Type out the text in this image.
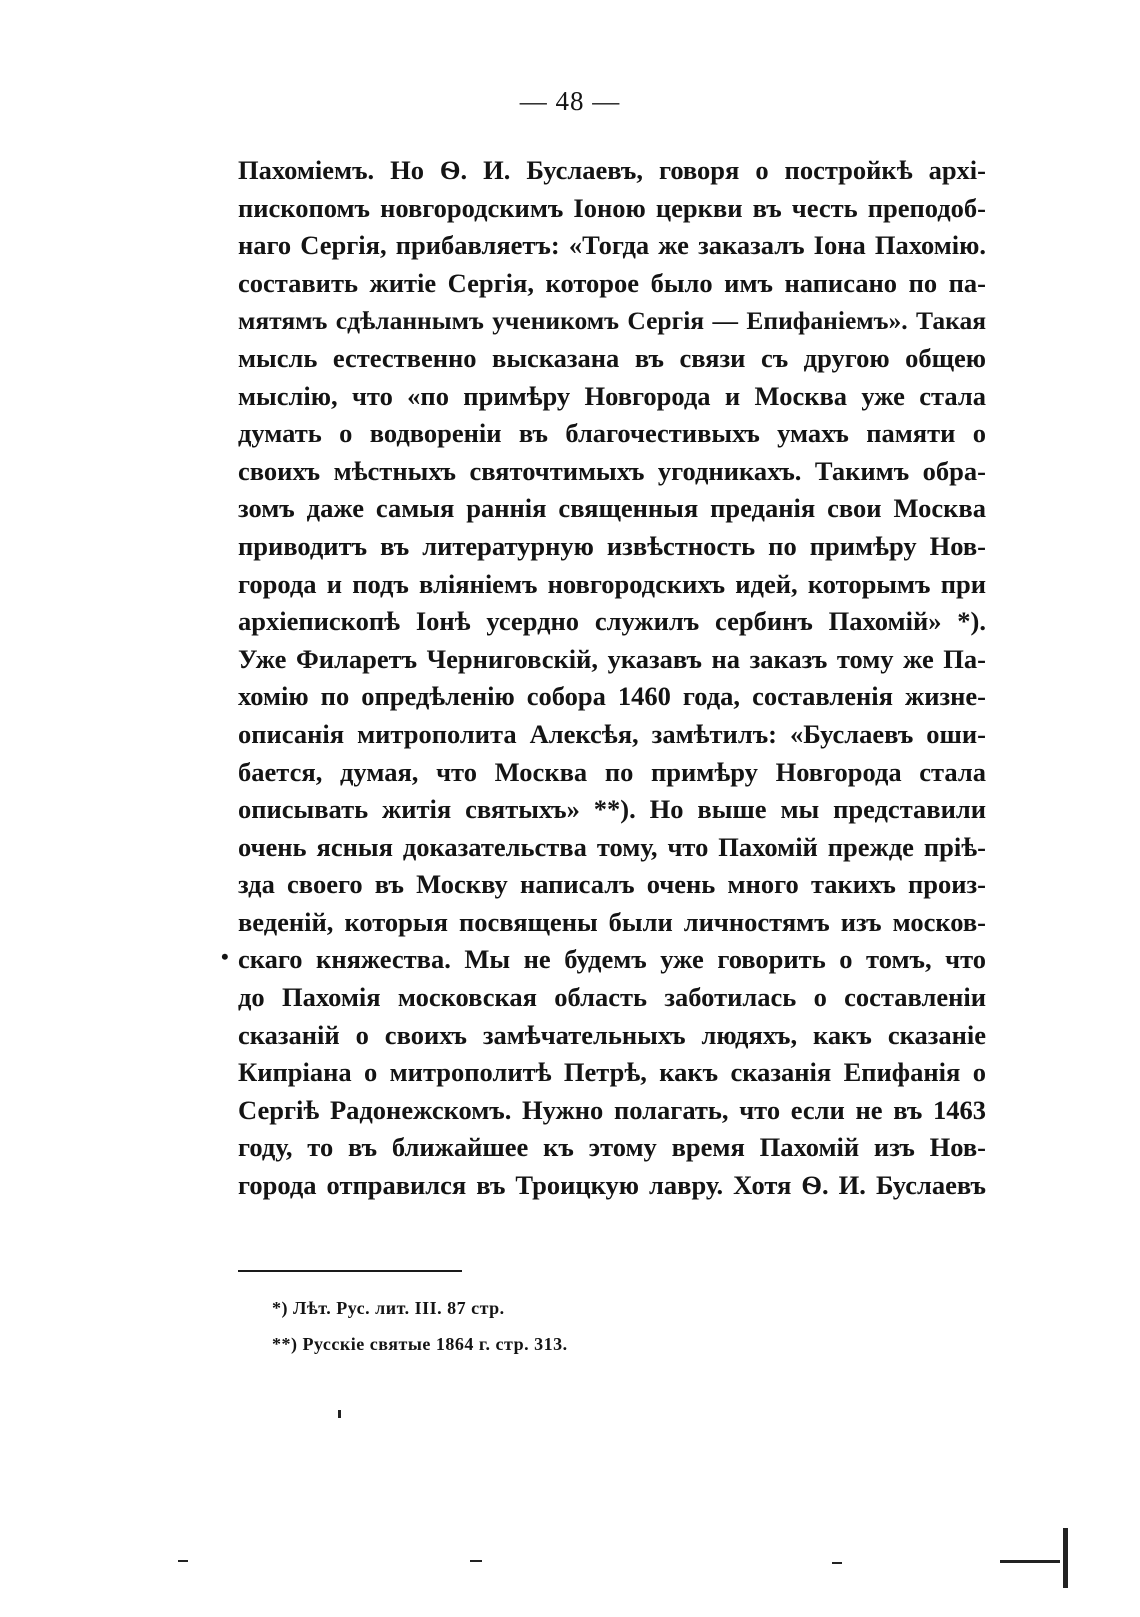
— 48 —
•
Пахоміемъ. Но Ѳ. И. Буслаевъ, говоря о постройкѣ архі-
пископомъ новгородскимъ Іоною церкви въ честь преподоб-
наго Сергія, прибавляетъ: «Тогда же заказалъ Іона Пахомію.
составить житіе Сергія, которое было имъ написано по па-
мятямъ сдѣланнымъ ученикомъ Сергія — Епифаніемъ». Такая
мысль естественно высказана въ связи съ другою общею
мыслію, что «по примѣру Новгорода и Москва уже стала
думать о водвореніи въ благочестивыхъ умахъ памяти о
своихъ мѣстныхъ святочтимыхъ угодникахъ. Такимъ обра-
зомъ даже самыя раннія священныя преданія свои Москва
приводитъ въ литературную извѣстность по примѣру Нов-
города и подъ вліяніемъ новгородскихъ идей, которымъ при
архіепископѣ Іонѣ усердно служилъ сербинъ Пахомій» *).
Уже Филаретъ Черниговскій, указавъ на заказъ тому же Па-
хомію по опредѣленію собора 1460 года, составленія жизне-
описанія митрополита Алексѣя, замѣтилъ: «Буслаевъ оши-
бается, думая, что Москва по примѣру Новгорода стала
описывать житія святыхъ» **). Но выше мы представили
очень ясныя доказательства тому, что Пахомій прежде пріѣ-
зда своего въ Москву написалъ очень много такихъ произ-
веденій, которыя посвящены были личностямъ изъ москов-
скаго княжества. Мы не будемъ уже говорить о томъ, что
до Пахомія московская область заботилась о составленіи
сказаній о своихъ замѣчательныхъ людяхъ, какъ сказаніе
Кипріана о митрополитѣ Петрѣ, какъ сказанія Епифанія о
Сергіѣ Радонежскомъ. Нужно полагать, что если не въ 1463
году, то въ ближайшее къ этому время Пахомій изъ Нов-
города отправился въ Троицкую лавру. Хотя Ѳ. И. Буслаевъ
*) Лѣт. Рус. лит. III. 87 стр.
**) Русскіе святые 1864 г. стр. 313.
